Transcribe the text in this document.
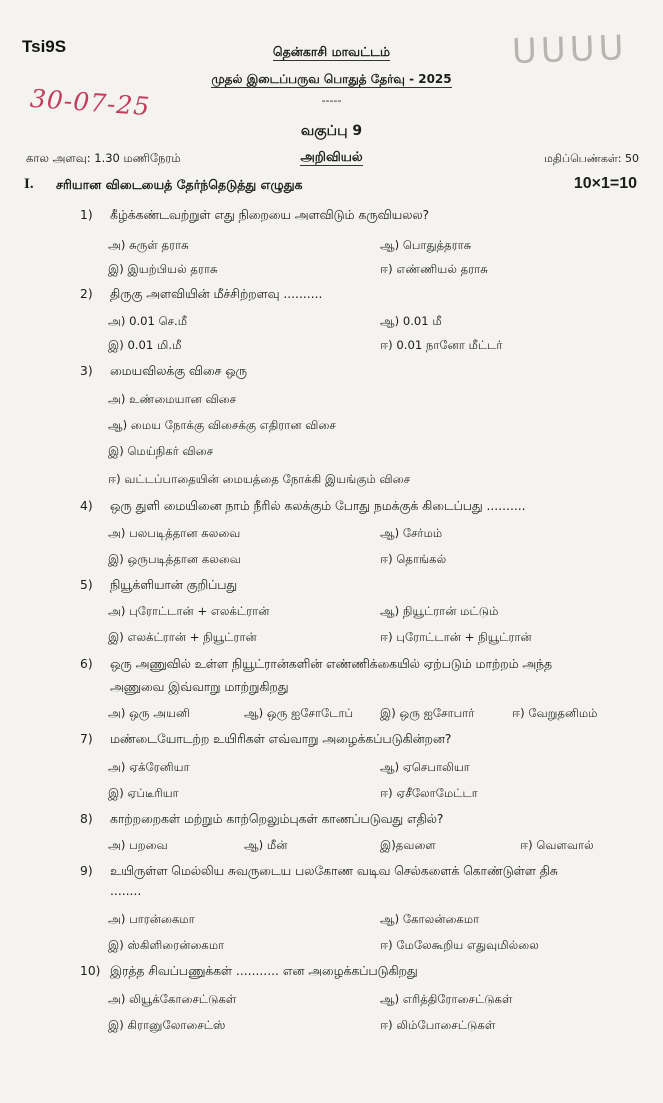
Tsi9S	ᑌᑌᑌᑌ
30-07-25
தென்காசி மாவட்டம்
முதல் இடைப்பருவ பொதுத் தேர்வு - 2025
-----
வகுப்பு 9
கால அளவு: 1.30 மணிநேரம்	அறிவியல்	மதிப்பெண்கள்: 50
I. சரியான விடையைத் தேர்ந்தெடுத்து எழுதுக	10×1=10
1) கீழ்க்கண்டவற்றுள் எது நிறையை அளவிடும் கருவியலல?
அ) சுருள் தராசு	ஆ) பொதுத்தராசு
இ) இயற்பியல் தராசு	ஈ) எண்ணியல் தராசு
2) திருகு அளவியின் மீச்சிற்றளவு ..........
அ) 0.01 செ.மீ	ஆ) 0.01 மீ
இ) 0.01 மி.மீ	ஈ) 0.01 நானோ மீட்டர்
3) மையவிலக்கு விசை ஒரு
அ) உண்மையான விசை
ஆ) மைய நோக்கு விசைக்கு எதிரான விசை
இ) மெய்நிகர் விசை
ஈ) வட்டப்பாதையின் மையத்தை நோக்கி இயங்கும் விசை
4) ஒரு துளி மையினை நாம் நீரில் கலக்கும் போது நமக்குக் கிடைப்பது ..........
அ) பலபடித்தான கலவை	ஆ) சேர்மம்
இ) ஒருபடித்தான கலவை	ஈ) தொங்கல்
5) நியூக்ளியான் குறிப்பது
அ) புரோட்டான் + எலக்ட்ரான்	ஆ) நியூட்ரான் மட்டும்
இ) எலக்ட்ரான் + நியூட்ரான்	ஈ) புரோட்டான் + நியூட்ரான்
6) ஒரு அணுவில் உள்ள நியூட்ரான்களின் எண்ணிக்கையில் ஏற்படும் மாற்றம் அந்த
அணுவை இவ்வாறு மாற்றுகிறது
அ) ஒரு அயனி	ஆ) ஒரு ஐசோடோப் இ) ஒரு ஐசோபார்	ஈ) வேறுதனிமம்
7) மண்டையோடற்ற உயிரிகள் எவ்வாறு அழைக்கப்படுகின்றன?
அ) ஏக்ரேனியா	ஆ) ஏசெபாலியா
இ) ஏப்டீரியா	ஈ) ஏசீலோமேட்டா
8) காற்றறைகள் மற்றும் காற்றெலும்புகள் காணப்படுவது எதில்?
அ) பறவை	ஆ) மீன்	இ)தவளை	ஈ) வௌவால்
9) உயிருள்ள மெல்லிய சுவருடைய பலகோண வடிவ செல்களைக் கொண்டுள்ள திசு
........
அ) பாரன்கைமா	ஆ) கோலன்கைமா
இ) ஸ்கிளிரைன்கைமா	ஈ) மேலேகூறிய எதுவுமில்லை
10) இரத்த சிவப்பணுக்கள் ........... என அழைக்கப்படுகிறது
அ) லியூக்கோசைட்டுகள்	ஆ) எரித்திரோசைட்டுகள்
இ) கிரானுலோசைட்ஸ்	ஈ) லிம்போசைட்டுகள்
